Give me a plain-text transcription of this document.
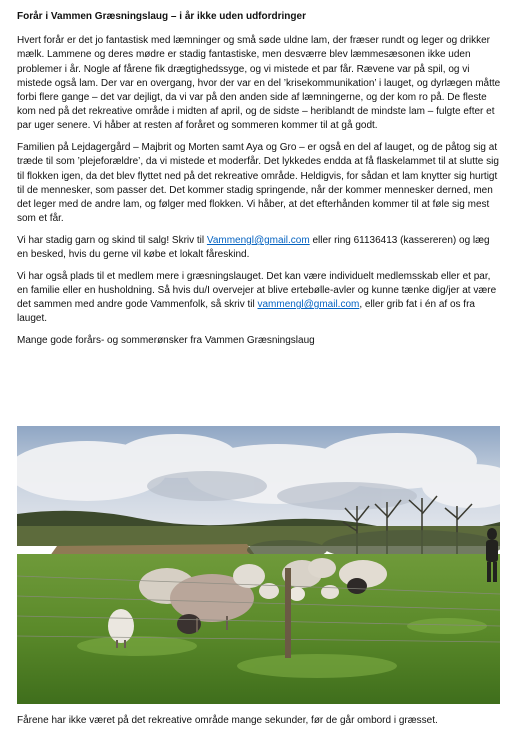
Forår i Vammen Græsningslaug – i år ikke uden udfordringer

Hvert forår er det jo fantastisk med læmninger og små søde uldne lam, der fræser rundt og leger og drikker mælk. Lammene og deres mødre er stadig fantastiske, men desværre blev læmmesæsonen ikke uden problemer i år. Nogle af fårene fik drægtighedssyge, og vi mistede et par får. Rævene var på spil, og vi mistede også lam. Der var en overgang, hvor der var en del ’krisekommunikation’ i lauget, og dyrlægen måtte forbi flere gange – det var dejligt, da vi var på den anden side af læmningerne, og der kom ro på. De fleste kom ned på det rekreative område i midten af april, og de sidste – heriblandt de mindste lam – fulgte efter et par uger senere. Vi håber at resten af foråret og sommeren kommer til at gå godt.

Familien på Lejdagergård – Majbrit og Morten samt Aya og Gro – er også en del af lauget, og de påtog sig at træde til som ’plejeforældre’, da vi mistede et moderfår. Det lykkedes endda at få flaskelammet til at slutte sig til flokken igen, da det blev flyttet ned på det rekreative område. Heldigvis, for sådan et lam knytter sig hurtigt til de mennesker, som passer det. Det kommer stadig springende, når der kommer mennesker derned, men det leger med de andre lam, og følger med flokken. Vi håber, at det efterhånden kommer til at føle sig mest som et får.

Vi har stadig garn og skind til salg! Skriv til Vammengl@gmail.com eller ring 61136413 (kassereren) og læg en besked, hvis du gerne vil købe et lokalt fåreskind.

Vi har også plads til et medlem mere i græsningslauget. Det kan være individuelt medlemsskab eller et par, en familie eller en husholdning. Så hvis du/I overvejer at blive ertebølle-avler og kunne tænke dig/jer at være det sammen med andre gode Vammenfolk, så skriv til vammengl@gmail.com, eller grib fat i én af os fra lauget.

Mange gode forårs- og sommerønsker fra Vammen Græsningslaug

Fårene har ikke været på det rekreative område mange sekunder, før de går ombord i græsset.
